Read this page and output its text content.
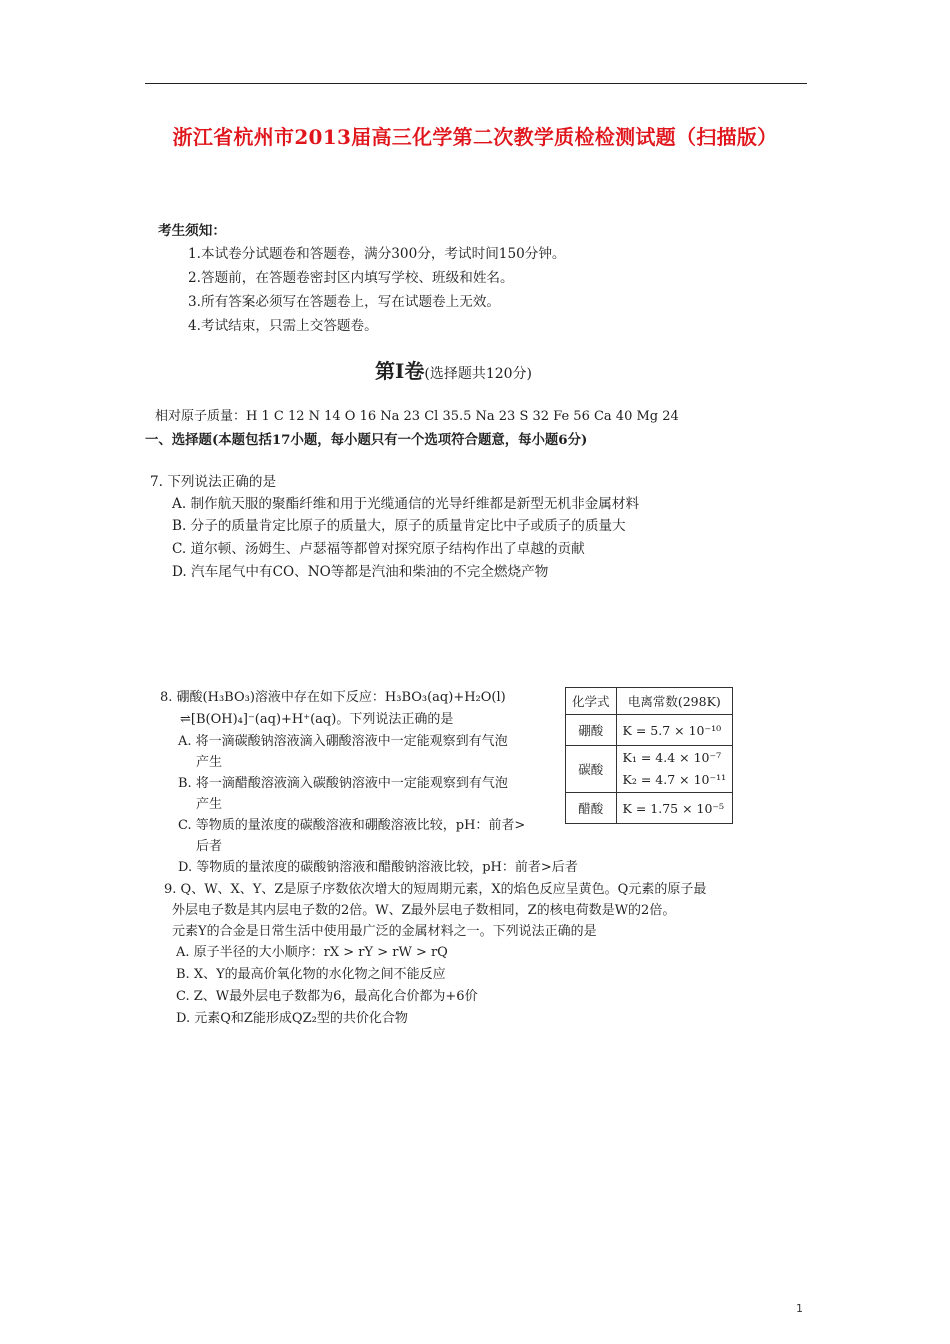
浙江省杭州市2013届高三化学第二次教学质检检测试题（扫描版）
考生须知：
1.本试卷分试题卷和答题卷，满分300分，考试时间150分钟。
2.答题前，在答题卷密封区内填写学校、班级和姓名。
3.所有答案必须写在答题卷上，写在试题卷上无效。
4.考试结束，只需上交答题卷。
第Ⅰ卷(选择题共120分)
相对原子质量：H 1 C 12 N 14 O 16 Na 23 Cl 35.5 Na 23 S 32 Fe 56 Ca 40 Mg 24
一、选择题(本题包括17小题，每小题只有一个选项符合题意，每小题6分)
7. 下列说法正确的是
A. 制作航天服的聚酯纤维和用于光缆通信的光导纤维都是新型无机非金属材料
B. 分子的质量肯定比原子的质量大，原子的质量肯定比中子或质子的质量大
C. 道尔顿、汤姆生、卢瑟福等都曾对探究原子结构作出了卓越的贡献
D. 汽车尾气中有CO、NO等都是汽油和柴油的不完全燃烧产物
8. 硼酸(H₃BO₃)溶液中存在如下反应：H₃BO₃(aq)+H₂O(l)
⇌[B(OH)₄]⁻(aq)+H⁺(aq)。下列说法正确的是
A. 将一滴碳酸钠溶液滴入硼酸溶液中一定能观察到有气泡
产生
B. 将一滴醋酸溶液滴入碳酸钠溶液中一定能观察到有气泡
产生
C. 等物质的量浓度的碳酸溶液和硼酸溶液比较，pH：前者>
后者
D. 等物质的量浓度的碳酸钠溶液和醋酸钠溶液比较，pH：前者>后者
化学式	电离常数(298K)
硼酸	K = 5.7 × 10⁻¹⁰
碳酸	K₁ = 4.4 × 10⁻⁷
K₂ = 4.7 × 10⁻¹¹

醋酸	K = 1.75 × 10⁻⁵
9. Q、W、X、Y、Z是原子序数依次增大的短周期元素，X的焰色反应呈黄色。Q元素的原子最
外层电子数是其内层电子数的2倍。W、Z最外层电子数相同，Z的核电荷数是W的2倍。
元素Y的合金是日常生活中使用最广泛的金属材料之一。下列说法正确的是
A. 原子半径的大小顺序：rX > rY > rW > rQ
B. X、Y的最高价氧化物的水化物之间不能反应
C. Z、W最外层电子数都为6，最高化合价都为+6价
D. 元素Q和Z能形成QZ₂型的共价化合物
1
